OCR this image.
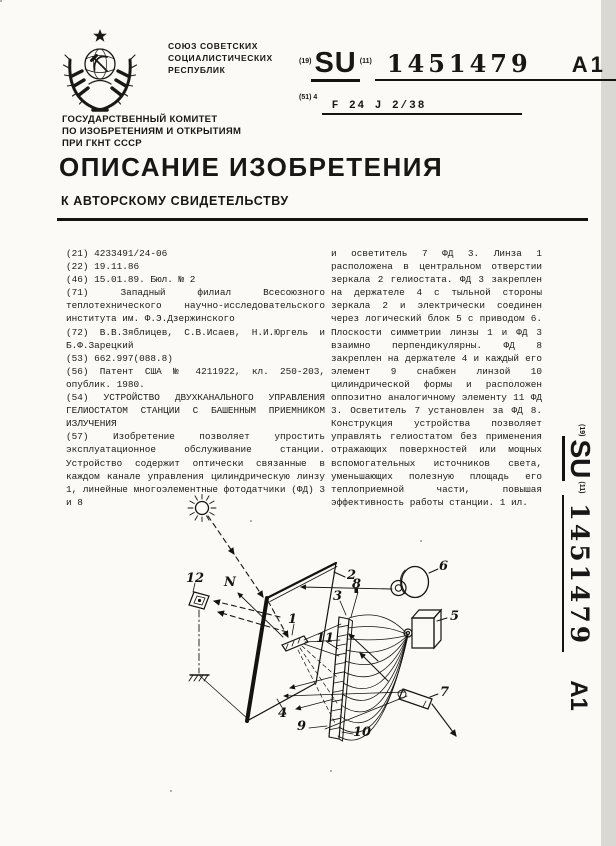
СОЮЗ СОВЕТСКИХ
СОЦИАЛИСТИЧЕСКИХ
РЕСПУБЛИК
$^{(19)}$ SU $^{(11)}$ 1451479 A1
$^{(51) 4}$ F 24 J 2/38
ГОСУДАРСТВЕННЫЙ КОМИТЕТ
ПО ИЗОБРЕТЕНИЯМ И ОТКРЫТИЯМ
ПРИ ГКНТ СССР
ОПИСАНИЕ ИЗОБРЕТЕНИЯ
К АВТОРСКОМУ СВИДЕТЕЛЬСТВУ

(21) 4233491/24-06

(22) 19.11.86

(46) 15.01.89. Бюл. № 2

(71) Западный филиал Всесоюзного теплотехнического научно-исследовательского института им. Ф.Э.Дзержинского

(72) В.В.Зяблицев, С.В.Исаев, Н.И.Юргель и Б.Ф.Зарецкий

(53) 662.997(088.8)

(56) Патент США № 4211922, кл. 250-203, опублик. 1980.

(54) УСТРОЙСТВО ДВУХКАНАЛЬНОГО УПРАВЛЕНИЯ ГЕЛИОСТАТОМ СТАНЦИИ С БАШЕННЫМ ПРИЕМНИКОМ ИЗЛУЧЕНИЯ

(57) Изобретение позволяет упростить эксплуатационное обслуживание станции. Устройство содержит оптически связанные в каждом канале управления цилиндрическую линзу 1, линейные многоэлементные фотодатчики (ФД) 3 и 8

и осветитель 7 ФД 3. Линза 1 расположена в центральном отверстии зеркала 2 гелиостата. ФД 3 закреплен на держателе 4 с тыльной стороны зеркала 2 и электрически соединен через логический блок 5 с приводом 6. Плоскости симметрии линзы 1 и ФД 3 взаимно перпендикулярны. ФД 8 закреплен на держателе 4 и каждый его элемент 9 снабжен линзой 10 цилиндрической формы и расположен оппозитно аналогичному элементу 11 ФД 3. Осветитель 7 установлен за ФД 8. Конструкция устройства позволяет управлять гелиостатом без применения отражающих поверхностей или мощных вспомогательных источников света, уменьшающих полезную площадь его теплоприемной части, повышая эффективность работы станции. 1 ил.

$^{(19)}$SU$^{(11)}$1451479A1
12 N	2
1
3
8
11
6
5
4
9	10
7
